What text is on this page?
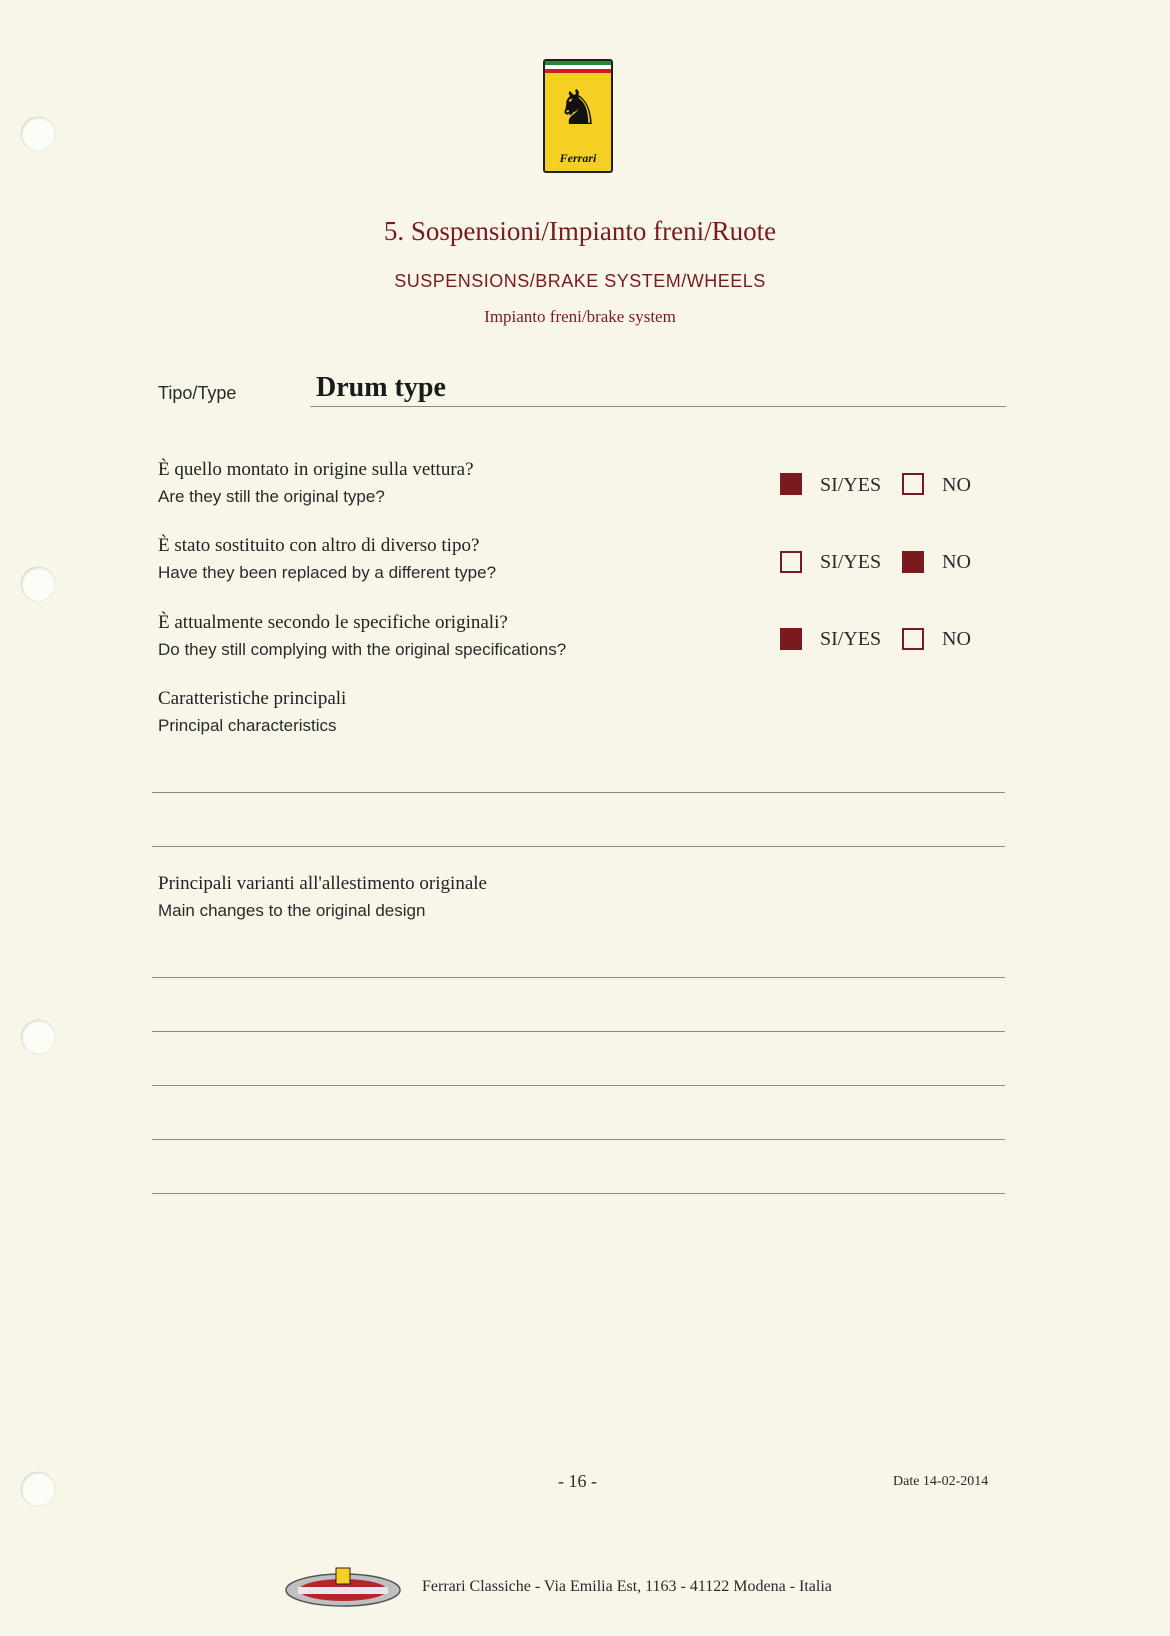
♞
Ferrari
5. Sospensioni/Impianto freni/Ruote
SUSPENSIONS/BRAKE SYSTEM/WHEELS
Impianto freni/brake system
Tipo/Type	Drum type
È quello montato in origine sulla vettura?
Are they still the original type?
SI/YES	NO
È stato sostituito con altro di diverso tipo?
Have they been replaced by a different type?	SI/YES	NO
È attualmente secondo le specifiche originali?
Do they still complying with the original specifications?	SI/YES	NO
Caratteristiche principali
Principal characteristics
Principali varianti all'allestimento originale
Main changes to the original design
- 16 -	Date 14-02-2014
Ferrari Classiche - Via Emilia Est, 1163 - 41122 Modena - Italia
